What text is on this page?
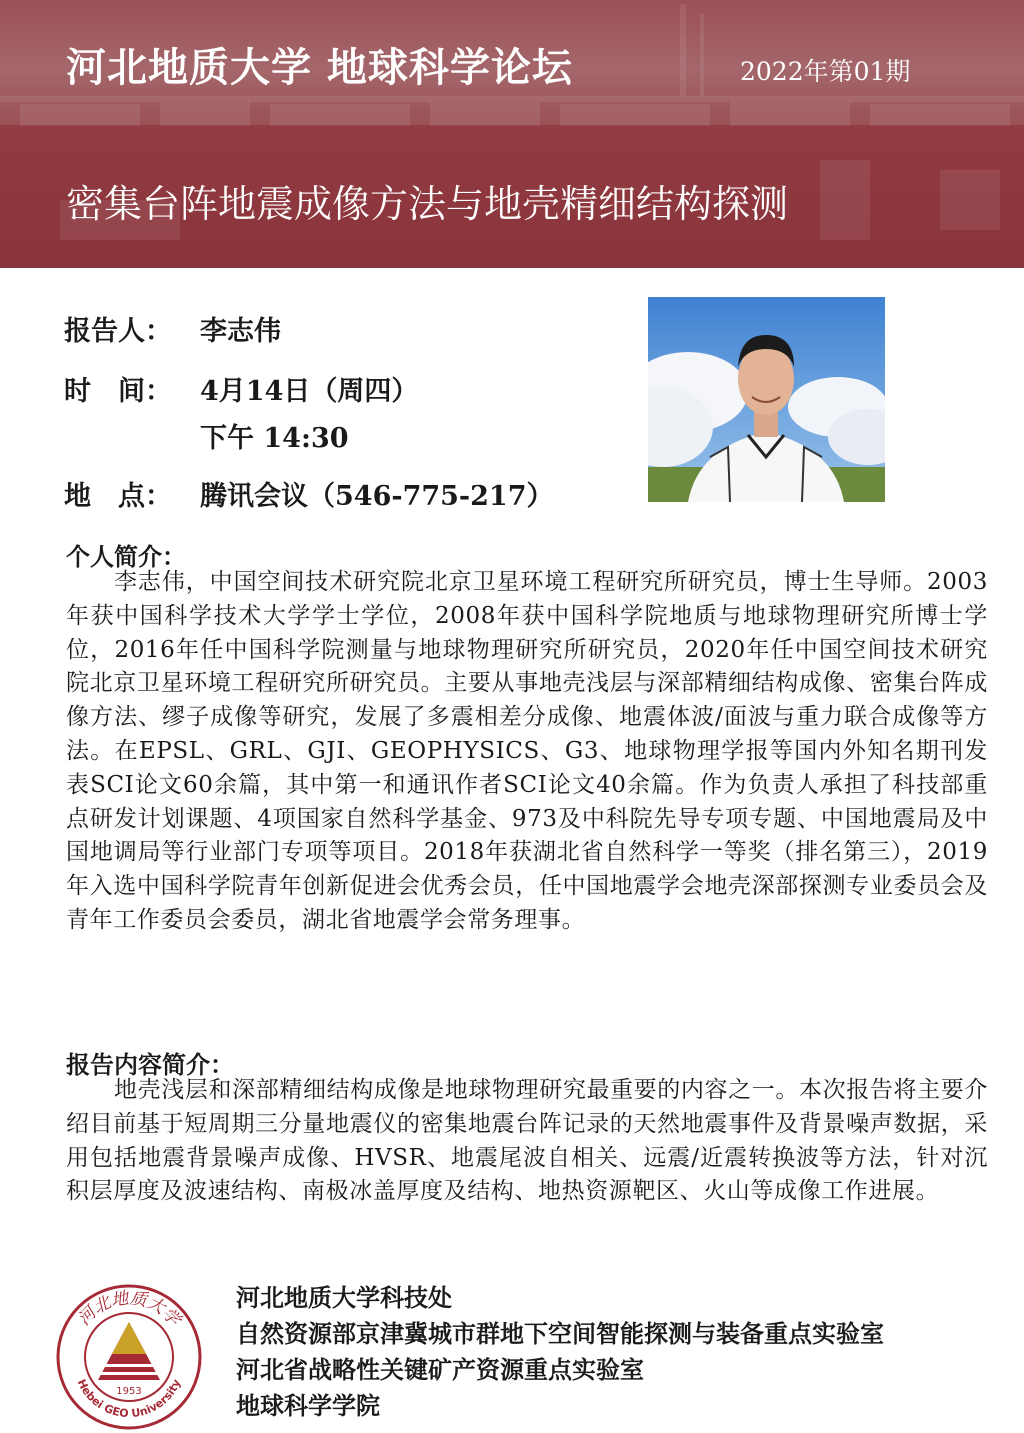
河北地质大学 地球科学论坛	2022年第01期
密集台阵地震成像方法与地壳精细结构探测
报告人： 李志伟
时　间： 4月14日（周四）
下午 14:30
地　点： 腾讯会议（546-775-217）
个人简介：
李志伟，中国空间技术研究院北京卫星环境工程研究所研究员，博士生导师。2003年获中国科学技术大学学士学位，2008年获中国科学院地质与地球物理研究所博士学位，2016年任中国科学院测量与地球物理研究所研究员，2020年任中国空间技术研究院北京卫星环境工程研究所研究员。主要从事地壳浅层与深部精细结构成像、密集台阵成像方法、缪子成像等研究，发展了多震相差分成像、地震体波/面波与重力联合成像等方法。在EPSL、GRL、GJI、GEOPHYSICS、G3、地球物理学报等国内外知名期刊发表SCI论文60余篇，其中第一和通讯作者SCI论文40余篇。作为负责人承担了科技部重点研发计划课题、4项国家自然科学基金、973及中科院先导专项专题、中国地震局及中国地调局等行业部门专项等项目。2018年获湖北省自然科学一等奖（排名第三），2019年入选中国科学院青年创新促进会优秀会员，任中国地震学会地壳深部探测专业委员会及青年工作委员会委员，湖北省地震学会常务理事。
报告内容简介：
地壳浅层和深部精细结构成像是地球物理研究最重要的内容之一。本次报告将主要介绍目前基于短周期三分量地震仪的密集地震台阵记录的天然地震事件及背景噪声数据，采用包括地震背景噪声成像、HVSR、地震尾波自相关、远震/近震转换波等方法，针对沉积层厚度及波速结构、南极冰盖厚度及结构、地热资源靶区、火山等成像工作进展。
河北地质大学
Hebei GEO University
1953
河北地质大学科技处
自然资源部京津冀城市群地下空间智能探测与装备重点实验室
河北省战略性关键矿产资源重点实验室
地球科学学院
